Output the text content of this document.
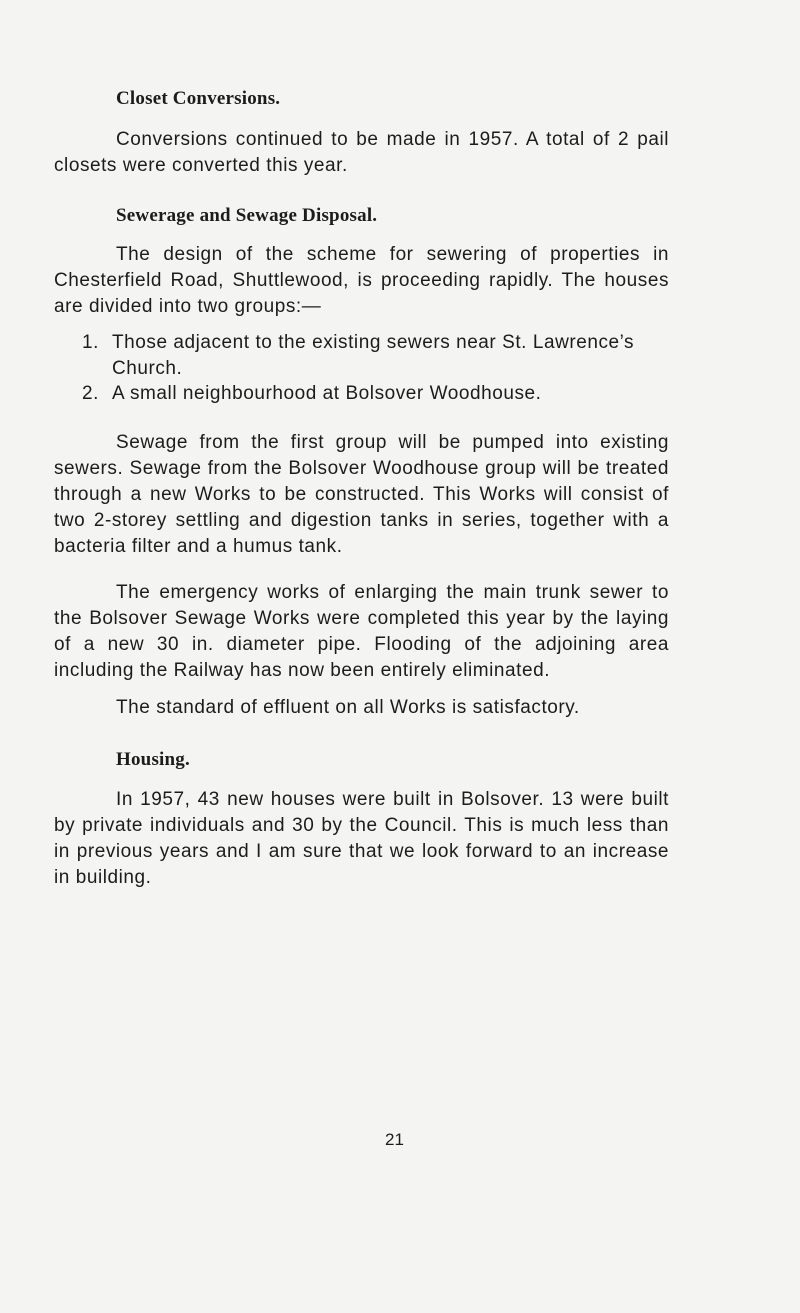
Closet Conversions.

Conversions continued to be made in 1957. A total of 2 pail closets were converted this year.

Sewerage and Sewage Disposal.

The design of the scheme for sewering of properties in Chesterfield Road, Shuttlewood, is proceeding rapidly. The houses are divided into two groups:—

1. Those adjacent to the existing sewers near St. Lawrence’s Church.

2. A small neighbourhood at Bolsover Woodhouse.

Sewage from the first group will be pumped into existing sewers. Sewage from the Bolsover Woodhouse group will be treated through a new Works to be constructed. This Works will consist of two 2-storey settling and digestion tanks in series, together with a bacteria filter and a humus tank.

The emergency works of enlarging the main trunk sewer to the Bolsover Sewage Works were completed this year by the laying of a new 30 in. diameter pipe. Flooding of the adjoining area including the Railway has now been entirely eliminated.

The standard of effluent on all Works is satisfactory.

Housing.

In 1957, 43 new houses were built in Bolsover. 13 were built by private individuals and 30 by the Council. This is much less than in previous years and I am sure that we look forward to an increase in building.

21
